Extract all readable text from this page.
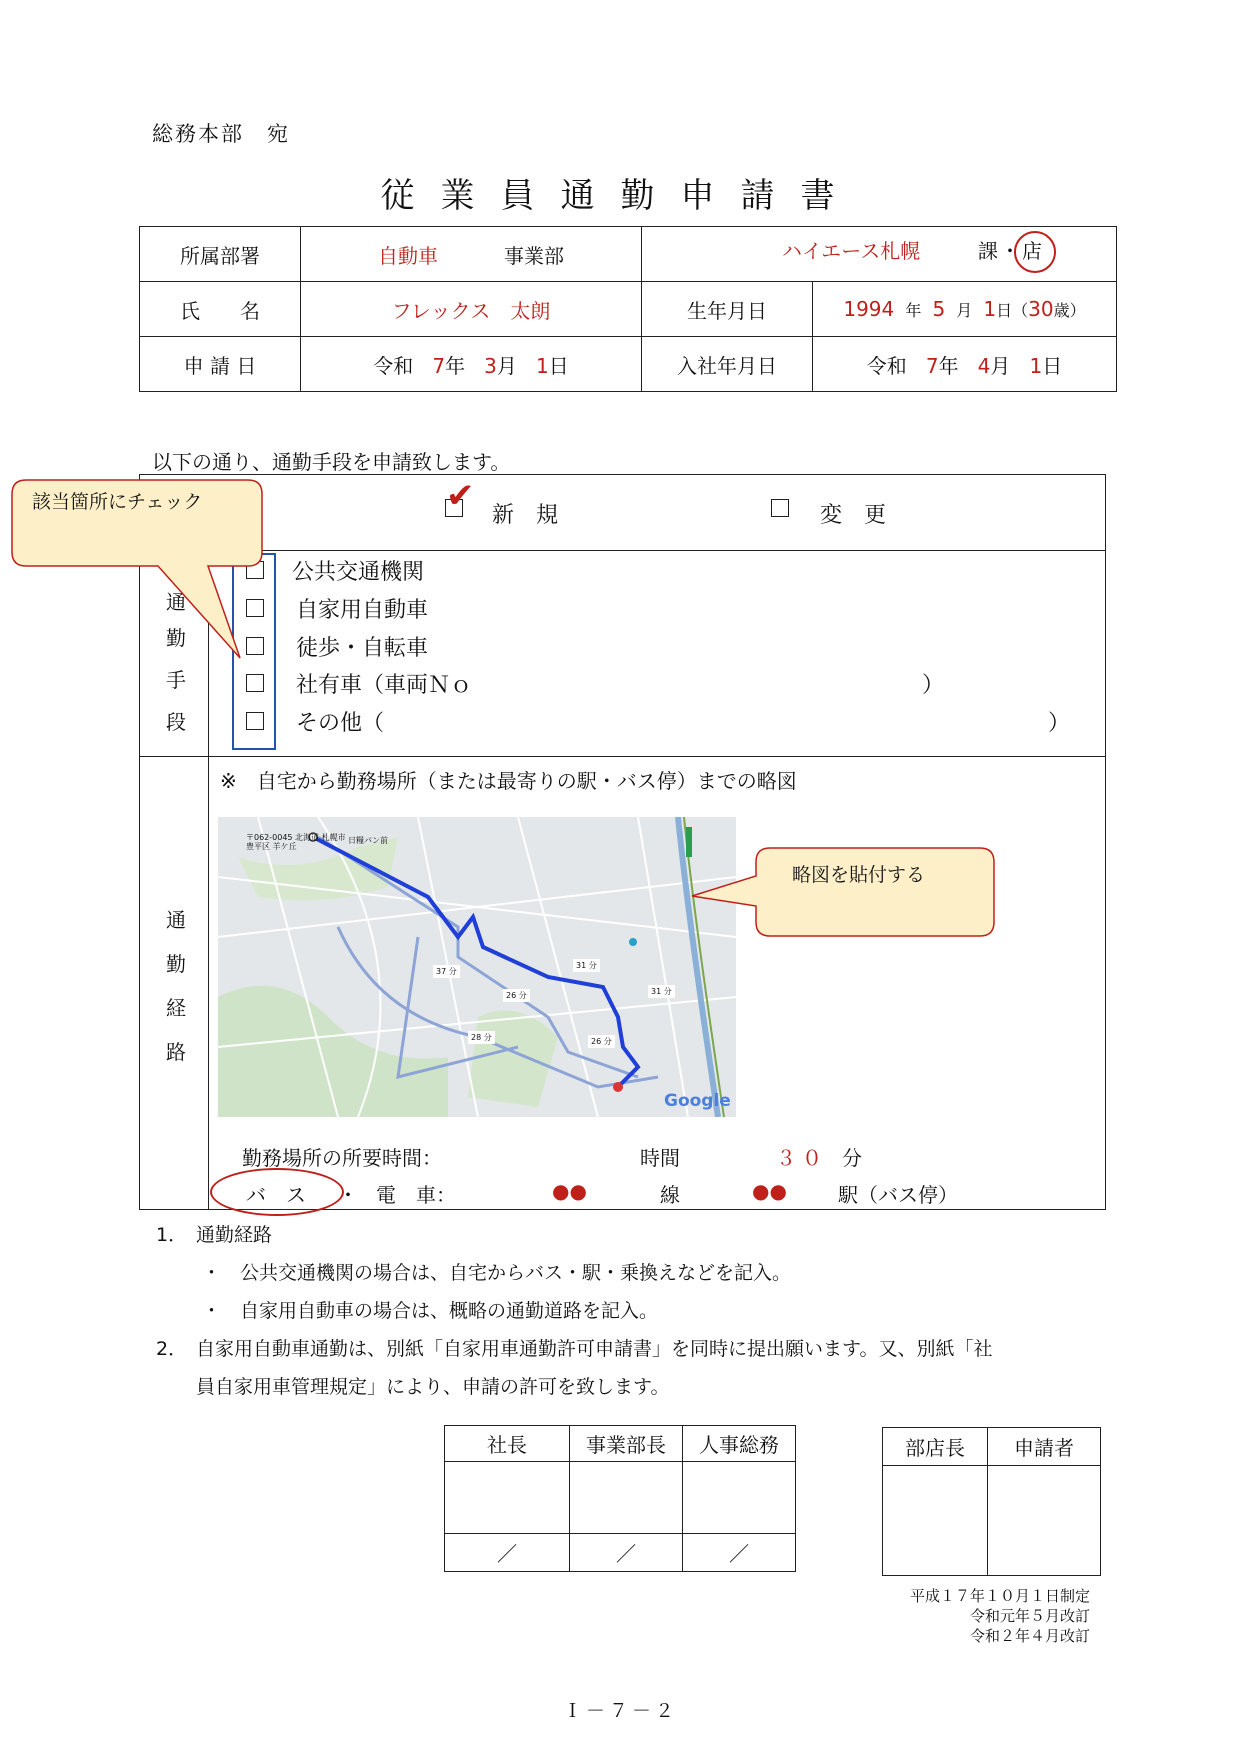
総務本部　宛
従業員通勤申請書
所属部署	自動車 事業部	ハイエース札幌 課 ・ 店	

氏　　名	フレックス　太朗	生年月日	1994 年 5 月 1日（30歳）
申 請 日	令和 7年 3月 1日	入社年月日	令和 7年 4月 1日
以下の通り、通勤手段を申請致します。
✔ 新　規	変　更
通
勤
手
段
公共交通機関
自家用自動車
徒歩・自転車
社有車（車両Ｎｏ	）
その他（	）
該当箇所にチェック
通
勤
経
路
※　自宅から勤務場所（または最寄りの駅・バス停）までの略図
〒062-0045 北海道 札幌市豊平区 羊ケ丘
日糧パン前
37 分
31 分
26 分	31 分
28 分	26 分
Google
略図を貼付する
勤務場所の所要時間：	時間	３０ 分
バ　ス ・ 電　車：	●●	線	●●	駅（バス停）
1． 通勤経路
・　公共交通機関の場合は、自宅からバス・駅・乗換えなどを記入。
・　自家用自動車の場合は、概略の通勤道路を記入。
2． 自家用自動車通勤は、別紙「自家用車通勤許可申請書」を同時に提出願います。又、別紙「社
員自家用車管理規定」により、申請の許可を致します。
社長	事業部長	人事総務

／	／	／
部店長	申請者

平成１７年１０月１日制定
令和元年５月改訂
令和２年４月改訂
Ｉ－７－２
